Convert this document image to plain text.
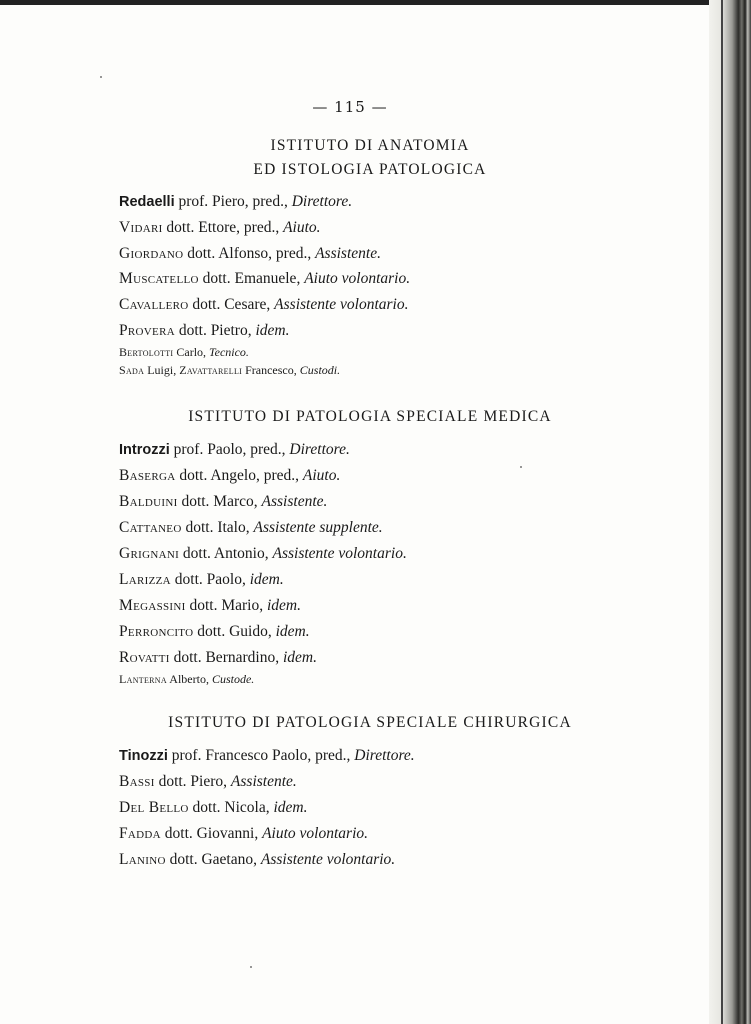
— 115 —
ISTITUTO DI ANATOMIA
ED ISTOLOGIA PATOLOGICA
Redaelli prof. Piero, pred., Direttore.
Vidari dott. Ettore, pred., Aiuto.
Giordano dott. Alfonso, pred., Assistente.
Muscatello dott. Emanuele, Aiuto volontario.
Cavallero dott. Cesare, Assistente volontario.
Provera dott. Pietro, idem.
Bertolotti Carlo, Tecnico.
Sada Luigi, Zavattarelli Francesco, Custodi.
ISTITUTO DI PATOLOGIA SPECIALE MEDICA
Introzzi prof. Paolo, pred., Direttore.
Baserga dott. Angelo, pred., Aiuto.
Balduini dott. Marco, Assistente.
Cattaneo dott. Italo, Assistente supplente.
Grignani dott. Antonio, Assistente volontario.
Larizza dott. Paolo, idem.
Megassini dott. Mario, idem.
Perroncito dott. Guido, idem.
Rovatti dott. Bernardino, idem.
Lanterna Alberto, Custode.
ISTITUTO DI PATOLOGIA SPECIALE CHIRURGICA
Tinozzi prof. Francesco Paolo, pred., Direttore.
Bassi dott. Piero, Assistente.
Del Bello dott. Nicola, idem.
Fadda dott. Giovanni, Aiuto volontario.
Lanino dott. Gaetano, Assistente volontario.
